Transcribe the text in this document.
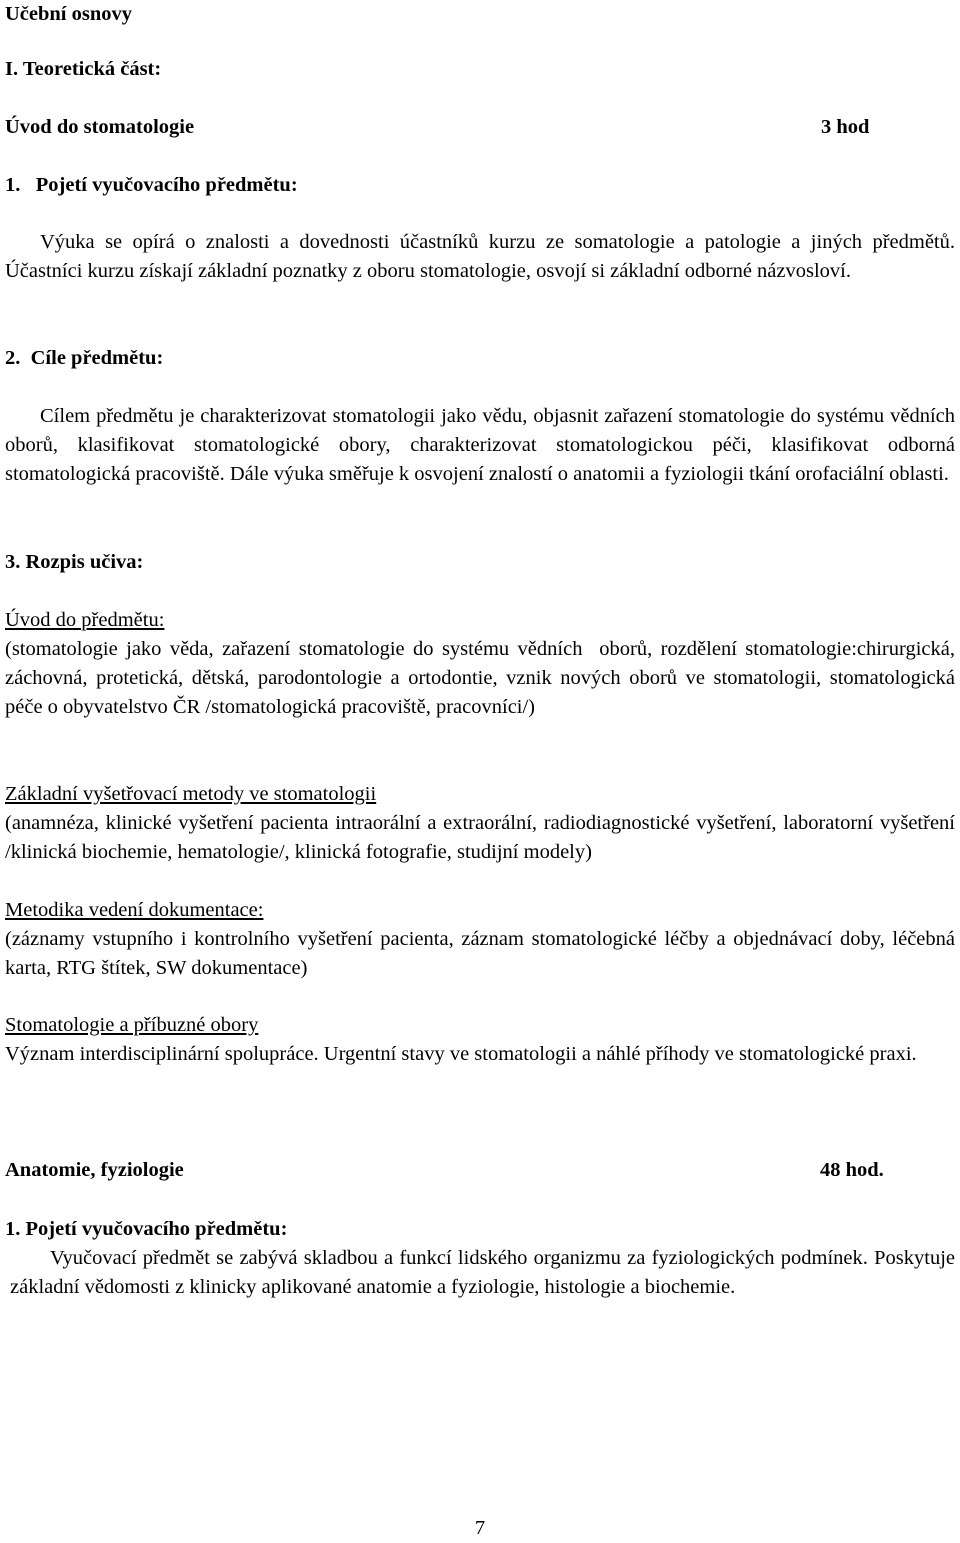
Učební osnovy

I. Teoretická část:

Úvod do stomatologie	3 hod

1.   Pojetí vyučovacího předmětu:

Výuka se opírá o znalosti a dovednosti účastníků kurzu ze somatologie a patologie a jiných předmětů. Účastníci kurzu získají základní poznatky z oboru stomatologie, osvojí si základní odborné názvosloví.

2.  Cíle předmětu:

Cílem předmětu je charakterizovat stomatologii jako vědu, objasnit zařazení stomatologie do systému vědních oborů, klasifikovat stomatologické obory, charakterizovat stomatologickou péči, klasifikovat odborná stomatologická pracoviště. Dále výuka směřuje k osvojení znalostí o anatomii a fyziologii tkání orofaciální oblasti.

3. Rozpis učiva:

Úvod do předmětu:

(stomatologie jako věda, zařazení stomatologie do systému vědních  oborů, rozdělení stomatologie:chirurgická, záchovná, protetická, dětská, parodontologie a ortodontie, vznik nových oborů ve stomatologii, stomatologická péče o obyvatelstvo ČR /stomatologická pracoviště, pracovníci/)

Základní vyšetřovací metody ve stomatologii

(anamnéza, klinické vyšetření pacienta intraorální a extraorální, radiodiagnostické vyšetření, laboratorní vyšetření /klinická biochemie, hematologie/, klinická fotografie, studijní modely)

Metodika vedení dokumentace:

(záznamy vstupního i kontrolního vyšetření pacienta, záznam stomatologické léčby a objednávací doby, léčebná karta, RTG štítek, SW dokumentace)

Stomatologie a příbuzné obory

Význam interdisciplinární spolupráce. Urgentní stavy ve stomatologii a náhlé příhody ve stomatologické praxi.

Anatomie, fyziologie	48 hod.

1. Pojetí vyučovacího předmětu:

Vyučovací předmět se zabývá skladbou a funkcí lidského organizmu za fyziologických podmínek. Poskytuje základní vědomosti z klinicky aplikované anatomie a fyziologie, histologie a biochemie.

7
